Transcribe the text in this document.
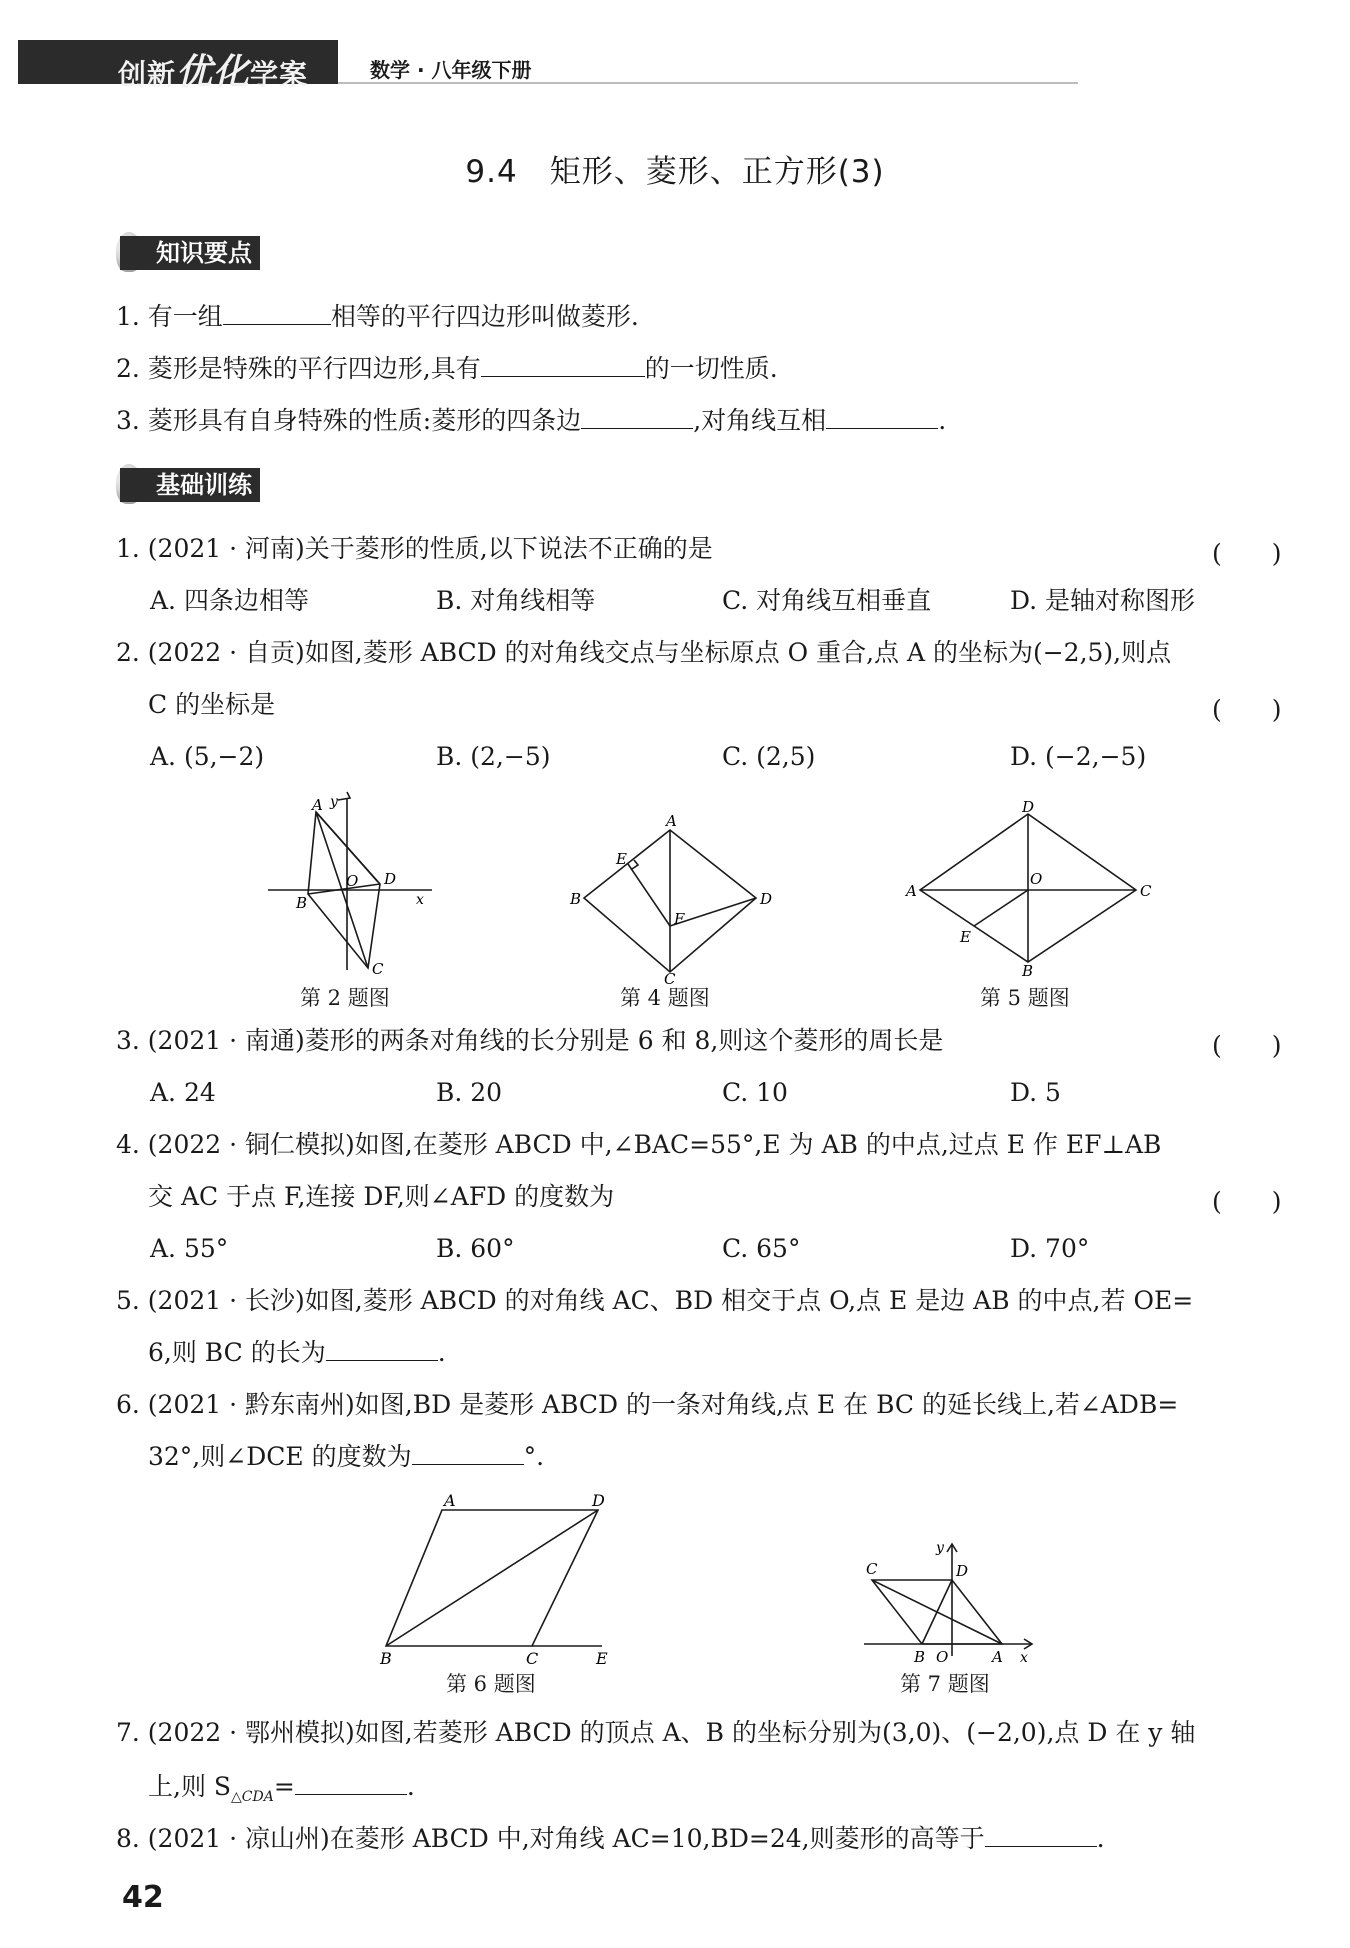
创新优化学案	数学 · 八年级下册
9.4　矩形、菱形、正方形(3)
知识要点
1. 有一组	相等的平行四边形叫做菱形.
2. 菱形是特殊的平行四边形,具有	的一切性质.
3. 菱形具有自身特殊的性质:菱形的四条边	,对角线互相	.
基础训练
1. (2021 · 河南)关于菱形的性质,以下说法不正确的是	(　　)
A. 四条边相等	B. 对角线相等	C. 对角线互相垂直	D. 是轴对称图形
2. (2022 · 自贡)如图,菱形 ABCD 的对角线交点与坐标原点 O 重合,点 A 的坐标为(−2,5),则点
C 的坐标是	(　　)
A. (5,−2)	B. (2,−5)	C. (2,5)	D. (−2,−5)
A y
O D
B	x
C
第 2 题图
A
E
B
F
D
C
第 4 题图
D
A
O
C
E
B
第 5 题图
3. (2021 · 南通)菱形的两条对角线的长分别是 6 和 8,则这个菱形的周长是	(　　)
A. 24	B. 20	C. 10	D. 5
4. (2022 · 铜仁模拟)如图,在菱形 ABCD 中,∠BAC=55°,E 为 AB 的中点,过点 E 作 EF⊥AB
交 AC 于点 F,连接 DF,则∠AFD 的度数为	(　　)
A. 55°	B. 60°	C. 65°	D. 70°
5. (2021 · 长沙)如图,菱形 ABCD 的对角线 AC、BD 相交于点 O,点 E 是边 AB 的中点,若 OE=
6,则 BC 的长为	.
6. (2021 · 黔东南州)如图,BD 是菱形 ABCD 的一条对角线,点 E 在 BC 的延长线上,若∠ADB=
32°,则∠DCE 的度数为	°.
A	D
B	C	E
第 6 题图
C
y
D
B O	A x
第 7 题图
7. (2022 · 鄂州模拟)如图,若菱形 ABCD 的顶点 A、B 的坐标分别为(3,0)、(−2,0),点 D 在 y 轴
上,则 $S_{\triangle CDA}=$	.
8. (2021 · 凉山州)在菱形 ABCD 中,对角线 AC=10,BD=24,则菱形的高等于	.
42
